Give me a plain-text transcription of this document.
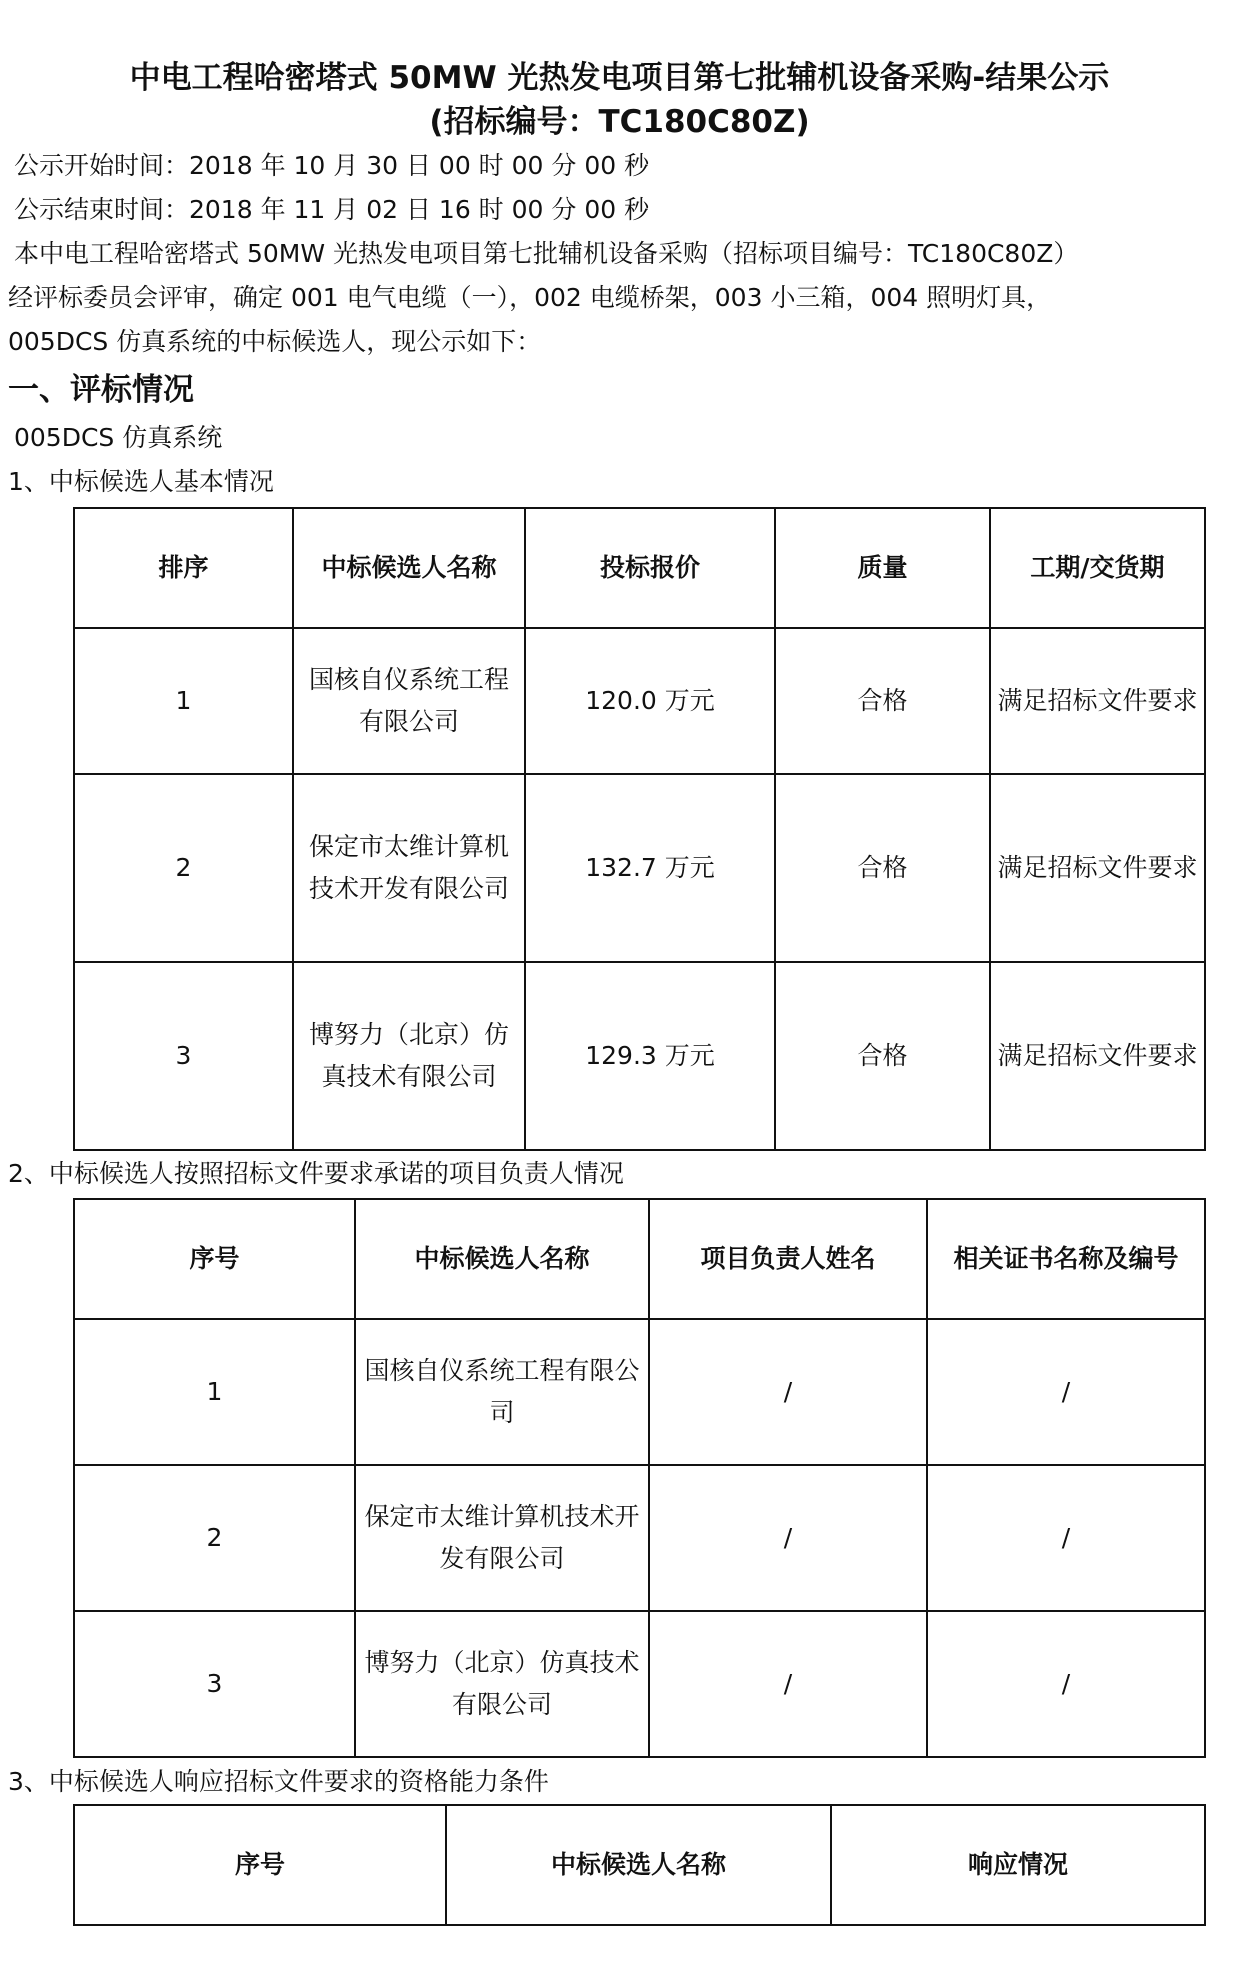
中电工程哈密塔式 50MW 光热发电项目第七批辅机设备采购-结果公示
(招标编号：TC180C80Z)

公示开始时间：2018 年 10 月 30 日 00 时 00 分 00 秒

公示结束时间：2018 年 11 月 02 日 16 时 00 分 00 秒

本中电工程哈密塔式 50MW 光热发电项目第七批辅机设备采购（招标项目编号：TC180C80Z）

经评标委员会评审，确定 001 电气电缆（一），002 电缆桥架，003 小三箱，004 照明灯具，

005DCS 仿真系统的中标候选人，现公示如下：

一、评标情况

005DCS 仿真系统

1、中标候选人基本情况

排序	中标候选人名称	投标报价	质量	工期/交货期
1	国核自仪系统工程有限公司	120.0 万元	合格	满足招标文件要求
2	保定市太维计算机技术开发有限公司	132.7 万元	合格	满足招标文件要求
3	博努力（北京）仿真技术有限公司	129.3 万元	合格	满足招标文件要求

2、中标候选人按照招标文件要求承诺的项目负责人情况

序号	中标候选人名称	项目负责人姓名	相关证书名称及编号
1	国核自仪系统工程有限公司	/	/
2	保定市太维计算机技术开发有限公司	/	/
3	博努力（北京）仿真技术有限公司	/	/

3、中标候选人响应招标文件要求的资格能力条件

序号	中标候选人名称	响应情况
